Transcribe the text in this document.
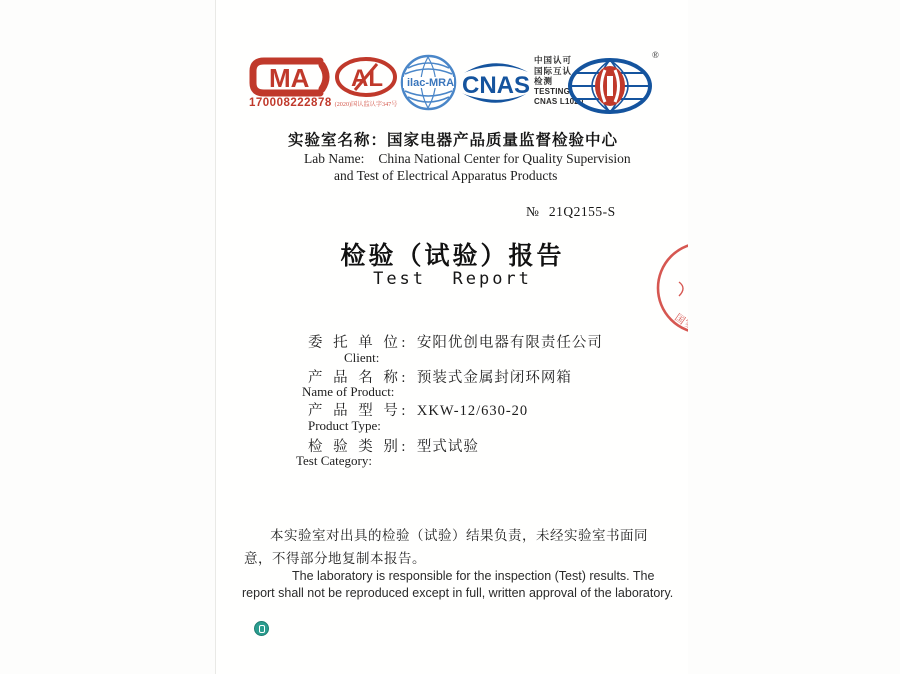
MA
170008222878
AL
(2020)国认监认字347号
ilac-MRA CNAS
中国认可
国际互认
检测
TESTING
CNAS L1020
®
实验室名称：国家电器产品质量监督检验中心
Lab Name: China National Center for Quality Supervision
and Test of Electrical Apparatus Products
№ 21Q2155-S
检验（试验）报告
Test  Report
国家电器产品质量监督检验中心
委 托 单 位: 安阳优创电器有限责任公司
Client:
产 品 名 称: 预装式金属封闭环网箱
Name of Product:
产 品 型 号: XKW-12/630-20
Product Type:
检 验 类 别: 型式试验
Test Category:
本实验室对出具的检验（试验）结果负责，未经实验室书面同意，不得部分地复制本报告。
The laboratory is responsible for the inspection (Test) results. The report shall not be reproduced except in full, written approval of the laboratory.
